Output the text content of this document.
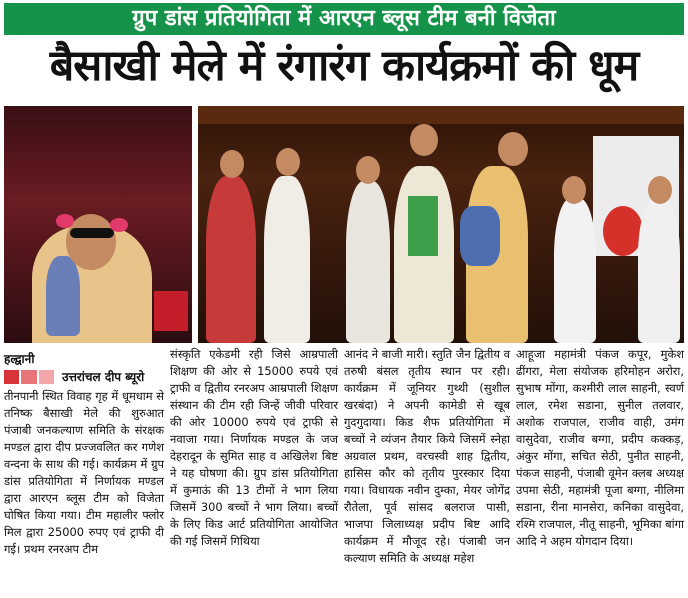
ग्रुप डांस प्रतियोगिता में आरएन ब्लूस टीम बनी विजेता
बैसाखी मेले में रंगारंग कार्यक्रमों की धूम
हल्द्वानी
उत्तरांचल दीप ब्यूरो

तीनपानी स्थित विवाह गृह में धूमधाम से तनिष्क बैसाखी मेले की शुरुआत पंजाबी जनकल्याण समिति के संरक्षक मण्डल द्वारा दीप प्रज्जवलित कर गणेश वन्दना के साथ की गई। कार्यक्रम में ग्रुप डांस प्रतियोगिता में निर्णायक मण्डल द्वारा आरएन ब्लूस टीम को विजेता घोषित किया गया। टीम महालीर फ्लोर मिल द्वारा 25000 रुपए एवं ट्राफी दी गई। प्रथम रनरअप टीम

संस्कृति एकेडमी रही जिसे आम्रपाली शिक्षण की ओर से 15000 रुपये एवं ट्राफी व द्वितीय रनरअप आम्रपाली शिक्षण संस्थान की टीम रही जिन्हें जीवी परिवार की ओर 10000 रुपये एवं ट्राफी से नवाजा गया। निर्णायक मण्डल के जज देहरादून के सुमित साह व अखिलेश बिष्ट ने यह घोषणा की। ग्रुप डांस प्रतियोगिता में कुमाऊं की 13 टीमों ने भाग लिया जिसमें 300 बच्चों ने भाग लिया। बच्चों के लिए किड आर्ट प्रतियोगिता आयोजित की गई जिसमें गिथिया

आनंद ने बाजी मारी। स्तुति जैन द्वितीय व तरुषी बंसल तृतीय स्थान पर रही। कार्यक्रम में जूनियर गुथ्थी (सुशील खरबंदा) ने अपनी कामेडी से खूब गुदगुदाया। किड शैफ प्रतियोगिता में बच्चों ने व्यंजन तैयार किये जिसमें स्नेहा अग्रवाल प्रथम, वरचस्वी शाह द्वितीय, हासिस कौर को तृतीय पुरस्कार दिया गया। विधायक नवीन दुम्का, मेयर जोगेंद्र रौतेला, पूर्व सांसद बलराज पासी, भाजपा जिलाध्यक्ष प्रदीप बिष्ट आदि कार्यक्रम में मौजूद रहे। पंजाबी जन कल्याण समिति के अध्यक्ष महेश

आहूजा महामंत्री पंकज कपूर, मुकेश ढींगरा, मेला संयोजक हरिमोहन अरोरा, सुभाष मोंगा, कश्मीरी लाल साहनी, स्वर्ण लाल, रमेश सडाना, सुनील तलवार, अशोक राजपाल, राजीव वाही, उमंग वासुदेवा, राजीव बग्गा, प्रदीप कक्कड़, अंकुर मोंगा, सचित सेठी, पुनीत साहनी, पंकज साहनी, पंजाबी वूमेन क्लब अध्यक्ष उपमा सेठी, महामंत्री पूजा बग्गा, नीलिमा सडाना, रीना मानसेरा, कनिका वासुदेवा, रश्मि राजपाल, नीतू साहनी, भूमिका बांगा आदि ने अहम योगदान दिया।
